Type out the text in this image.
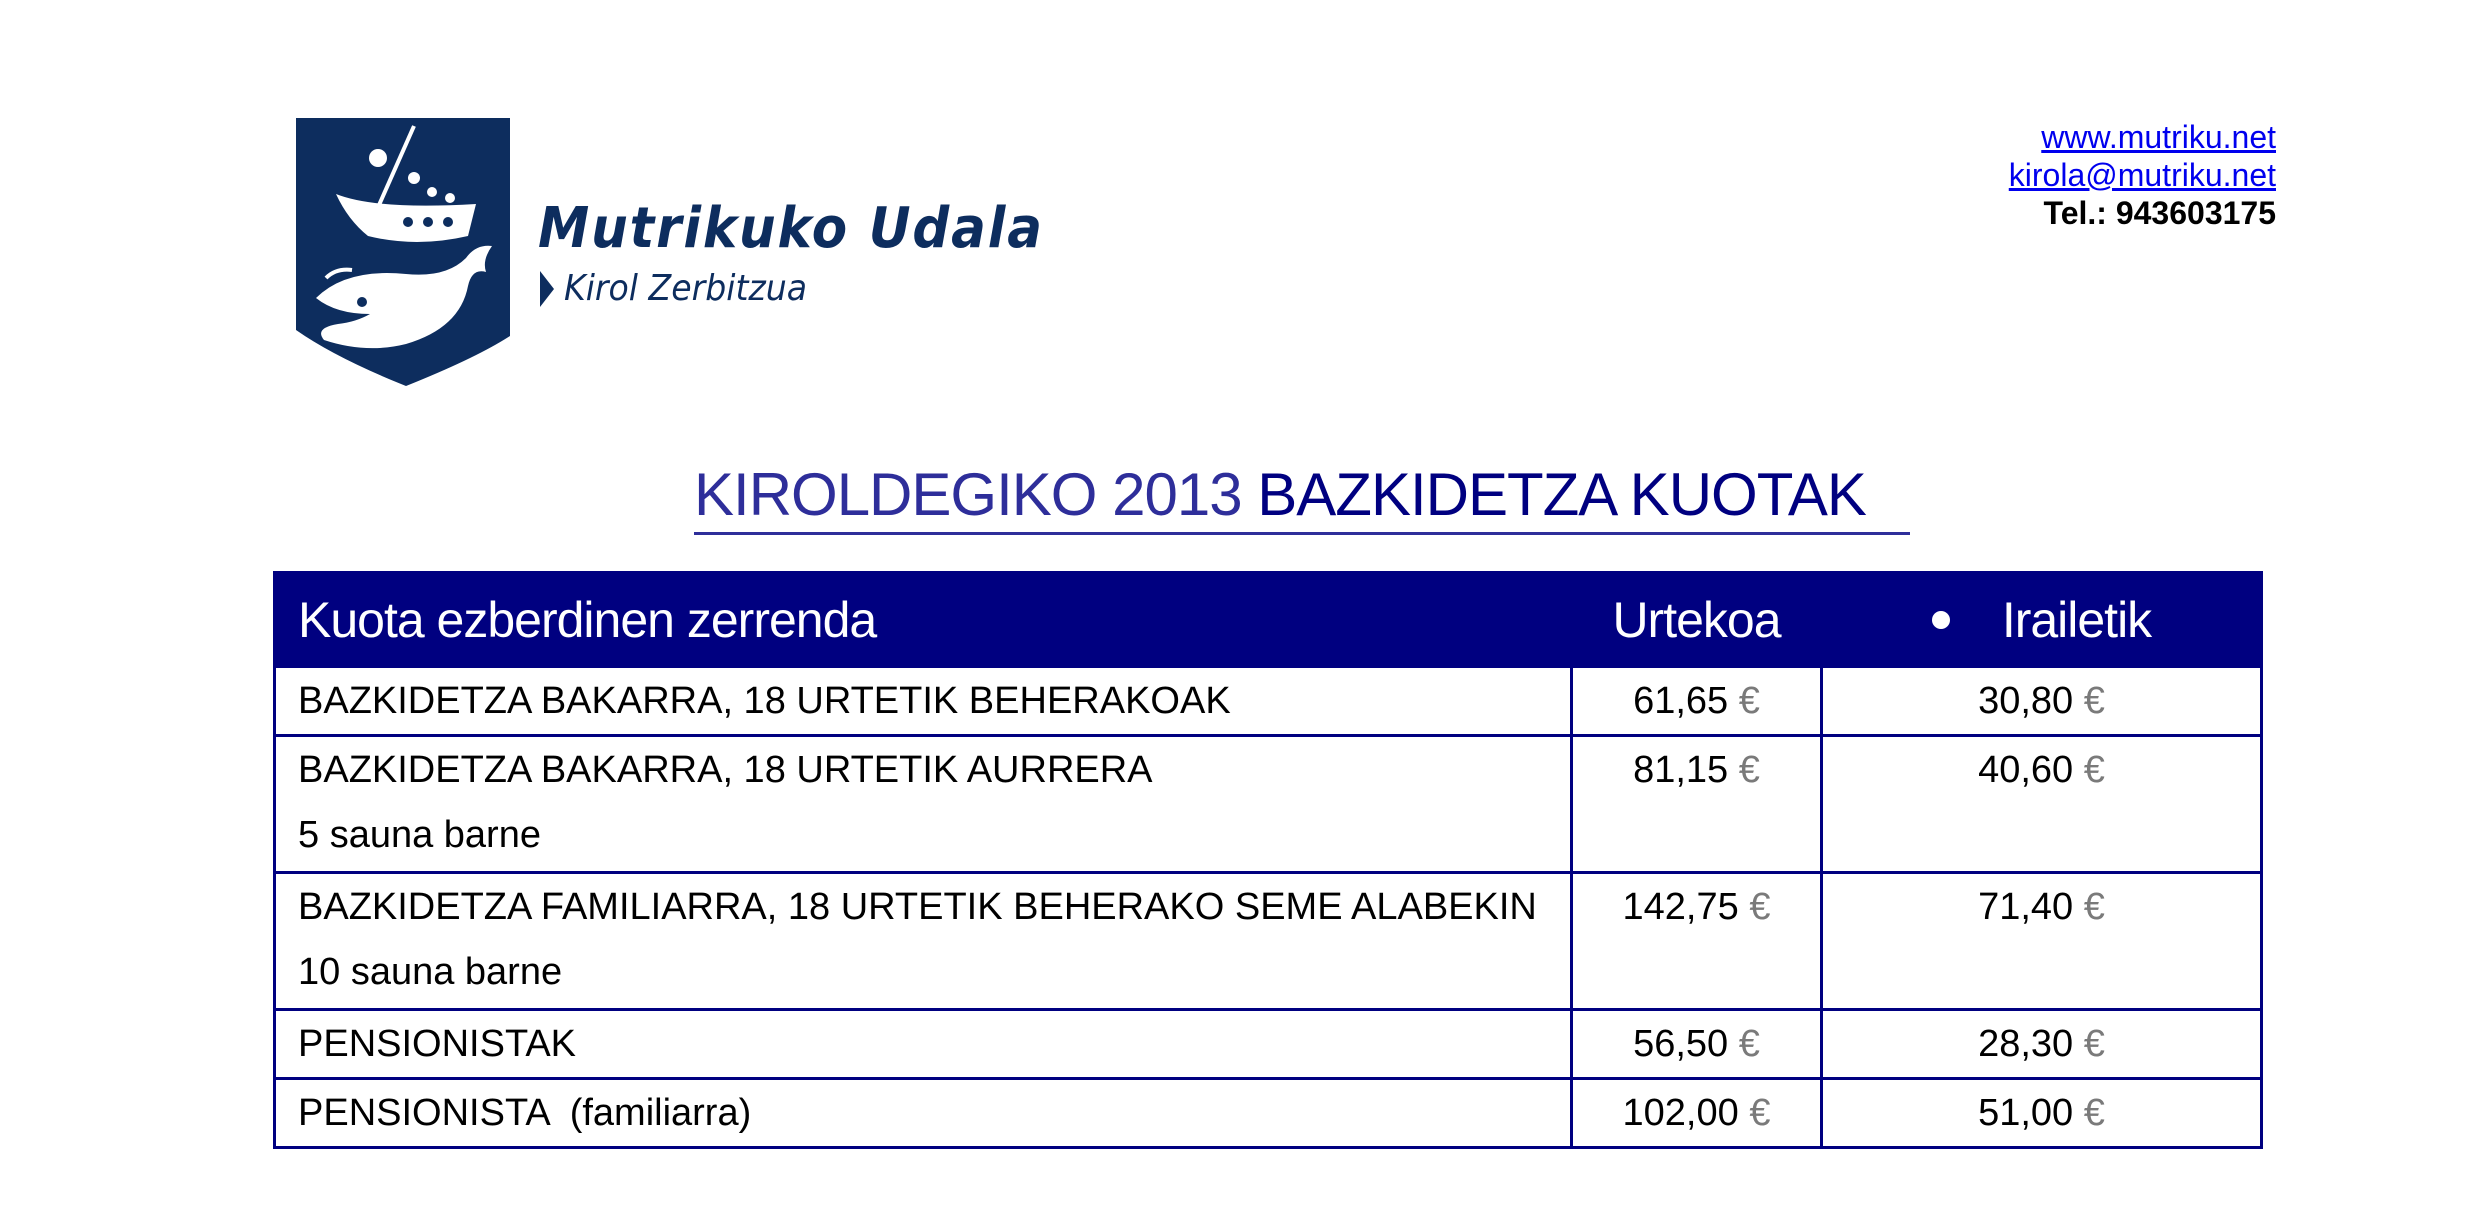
Mutrikuko Udala
Kirol Zerbitzua
www.mutriku.net
kirola@mutriku.net
Tel.: 943603175
KIROLDEGIKO 2013 BAZKIDETZA KUOTAK
Kuota ezberdinen zerrenda	Urtekoa	Irailetik
BAZKIDETZA BAKARRA, 18 URTETIK BEHERAKOAK	61,65 €	30,80 €
BAZKIDETZA BAKARRA, 18 URTETIK AURRERA
5 sauna barne	81,15 €	40,60 €
BAZKIDETZA FAMILIARRA, 18 URTETIK BEHERAKO SEME ALABEKIN
10 sauna barne	142,75 €	71,40 €
PENSIONISTAK	56,50 €	28,30 €
PENSIONISTA  (familiarra)	102,00 €	51,00 €
